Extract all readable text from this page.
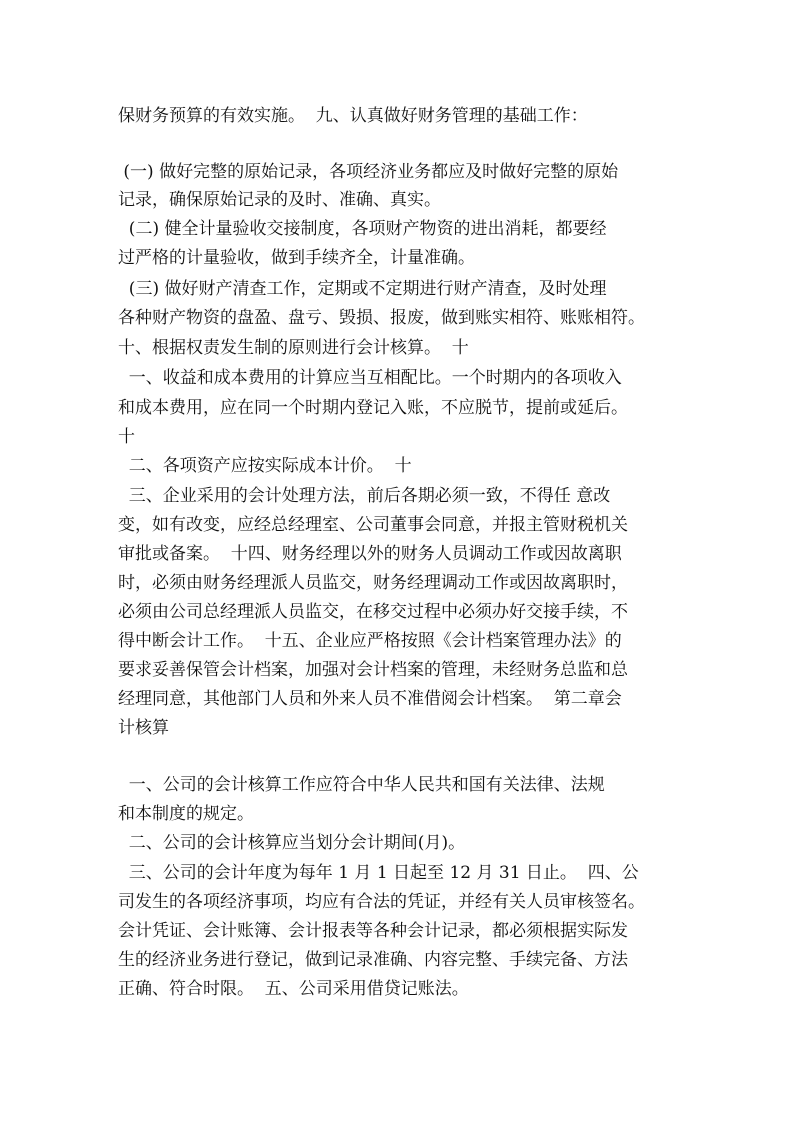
保财务预算的有效实施。  九、认真做好财务管理的基础工作：
(一) 做好完整的原始记录，各项经济业务都应及时做好完整的原始
记录，确保原始记录的及时、准确、真实。
(二) 健全计量验收交接制度，各项财产物资的进出消耗，都要经
过严格的计量验收，做到手续齐全，计量准确。
(三) 做好财产清查工作，定期或不定期进行财产清查，及时处理
各种财产物资的盘盈、盘亏、毁损、报废，做到账实相符、账账相符。
十、根据权责发生制的原则进行会计核算。  十
一、收益和成本费用的计算应当互相配比。一个时期内的各项收入
和成本费用，应在同一个时期内登记入账，不应脱节，提前或延后。
十
二、各项资产应按实际成本计价。  十
三、企业采用的会计处理方法，前后各期必须一致，不得任 意改
变，如有改变，应经总经理室、公司董事会同意，并报主管财税机关
审批或备案。  十四、财务经理以外的财务人员调动工作或因故离职
时，必须由财务经理派人员监交，财务经理调动工作或因故离职时，
必须由公司总经理派人员监交，在移交过程中必须办好交接手续，不
得中断会计工作。  十五、企业应严格按照《会计档案管理办法》的
要求妥善保管会计档案，加强对会计档案的管理，未经财务总监和总
经理同意，其他部门人员和外来人员不准借阅会计档案。  第二章会
计核算
一、公司的会计核算工作应符合中华人民共和国有关法律、法规
和本制度的规定。
二、公司的会计核算应当划分会计期间(月)。
三、公司的会计年度为每年 1 月 1 日起至 12 月 31 日止。  四、公
司发生的各项经济事项，均应有合法的凭证，并经有关人员审核签名。
会计凭证、会计账簿、会计报表等各种会计记录，都必须根据实际发
生的经济业务进行登记，做到记录准确、内容完整、手续完备、方法
正确、符合时限。  五、公司采用借贷记账法。
